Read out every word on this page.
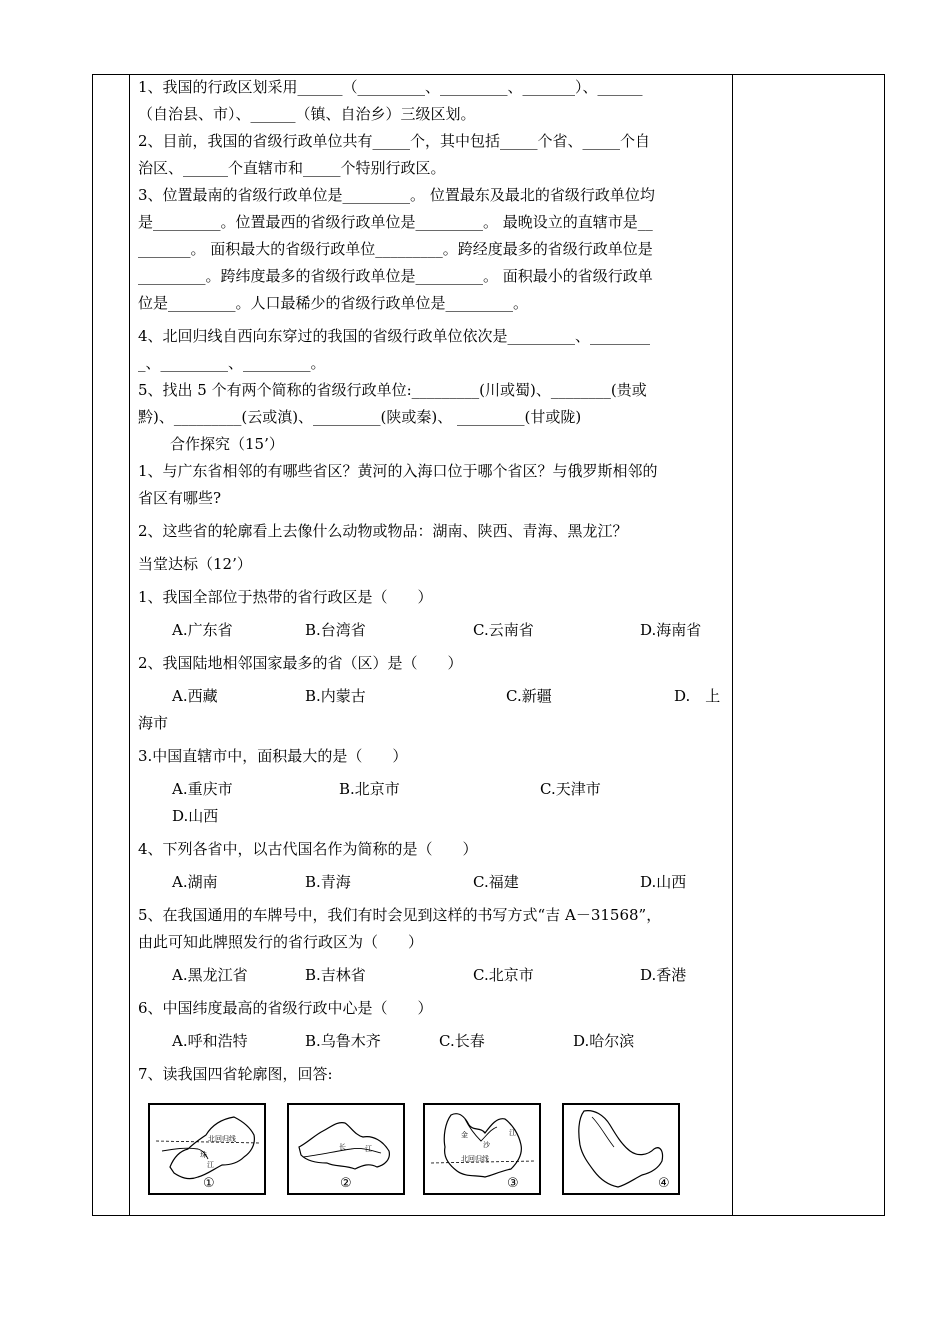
1、我国的行政区划采用______（_________、_________、_______）、______
（自治县、市）、______（镇、自治乡）三级区划。
2、目前，我国的省级行政单位共有_____个，其中包括_____个省、_____个自
治区、______个直辖市和_____个特别行政区。
3、位置最南的省级行政单位是_________。 位置最东及最北的省级行政单位均
是_________。位置最西的省级行政单位是_________。 最晚设立的直辖市是__
_______。 面积最大的省级行政单位_________。跨经度最多的省级行政单位是
_________。跨纬度最多的省级行政单位是_________。 面积最小的省级行政单
位是_________。人口最稀少的省级行政单位是_________。
4、北回归线自西向东穿过的我国的省级行政单位依次是_________、________
_、_________、_________。
5、找出 5 个有两个简称的省级行政单位:_________(川或蜀)、________(贵或
黔)、_________(云或滇)、_________(陕或秦)、 _________(甘或陇)
合作探究（15’）
1、与广东省相邻的有哪些省区？黄河的入海口位于哪个省区？与俄罗斯相邻的
省区有哪些?
2、这些省的轮廓看上去像什么动物或物品：湖南、陕西、青海、黑龙江？
当堂达标（12’）
1、我国全部位于热带的省行政区是（　　）
A.广东省	B.台湾省	C.云南省	D.海南省
2、我国陆地相邻国家最多的省（区）是（　　）
A.西藏	B.内蒙古	C.新疆	D.　上
海市
3.中国直辖市中，面积最大的是（　　）
A.重庆市	B.北京市	C.天津市
D.山西
4、下列各省中，以古代国名作为简称的是（　　）
A.湖南	B.青海	C.福建	D.山西
5、在我国通用的车牌号中，我们有时会见到这样的书写方式“吉 A－31568”，
由此可知此牌照发行的省行政区为（　　）
A.黑龙江省	B.吉林省	C.北京市	D.香港
6、中国纬度最高的省级行政中心是（　　）
A.呼和浩特	B.乌鲁木齐	C.长春	D.哈尔滨
7、读我国四省轮廓图，回答:
北回归线
珠
江
①
长	江
②
金
沙
江
北回归线
③	④
